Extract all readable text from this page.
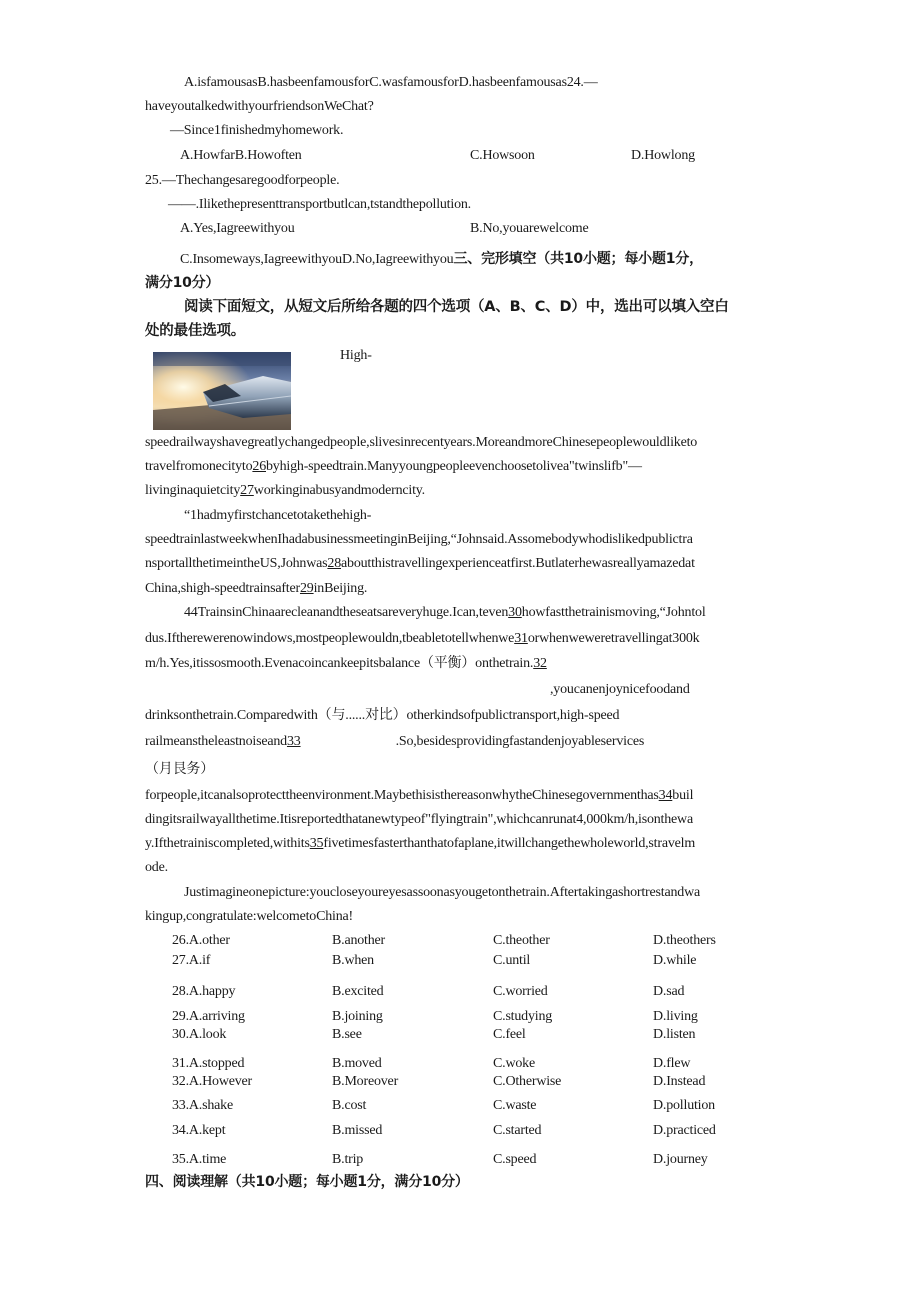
A.isfamousasB.hasbeenfamousforC.wasfamousforD.hasbeenfamousas24.—
haveyoutalkedwithyourfriendsonWeChat?
—Since1finishedmyhomework.
A.HowfarB.Howoften	C.Howsoon	D.Howlong
25.—Thechangesaregoodforpeople.
——.Ilikethepresenttransportbutlcan,tstandthepollution.
A.Yes,Iagreewithyou	B.No,youarewelcome
C.Insomeways,IagreewithyouD.No,Iagreewithyou三、完形填空（共10小题；每小题1分，
满分10分）
阅读下面短文，从短文后所给各题的四个选项（A、B、C、D）中，选出可以填入空白
处的最佳选项。
High-
speedrailwayshavegreatlychangedpeople,slivesinrecentyears.MoreandmoreChinesepeoplewouldliketo
travelfromonecityto26byhigh-speedtrain.Manyyoungpeopleevenchoosetolivea"twinslifb"—
livinginaquietcity27workinginabusyandmoderncity.
“1hadmyfirstchancetotakethehigh-
speedtrainlastweekwhenIhadabusinessmeetinginBeijing,“Johnsaid.Assomebodywhodislikedpublictra
nsportallthetimeintheUS,Johnwas28aboutthistravellingexperienceatfirst.Butlaterhewasreallyamazedat
China,shigh-speedtrainsafter29inBeijing.
44TrainsinChinaarecleanandtheseatsareveryhuge.Ican,teven30howfastthetrainismoving,“Johntol
dus.Iftherewerenowindows,mostpeoplewouldn,tbeabletotellwhenwe31orwhenweweretravellingat300k
m/h.Yes,itissosmooth.Evenacoincankeepitsbalance（平衡）onthetrain.32
,youcanenjoynicefoodand
drinksonthetrain.Comparedwith（与......对比）otherkindsofpublictransport,high-speed
railmeanstheleastnoiseand33	.So,besidesprovidingfastandenjoyableservices
（月艮务）
forpeople,itcanalsoprotecttheenvironment.MaybethisisthereasonwhytheChinesegovernmenthas34buil
dingitsrailwayallthetime.Itisreportedthatanewtypeof"flyingtrain",whichcanrunat4,000km/h,isonthewa
y.Ifthetrainiscompleted,withits35fivetimesfasterthanthatofaplane,itwillchangethewholeworld,stravelm
ode.
Justimagineonepicture:youcloseyoureyesassoonasyougetonthetrain.Aftertakingashortrestandwa
kingup,congratulate:welcometoChina!
26.A.other	B.another	C.theother	D.theothers
27.A.if	B.when	C.until	D.while
28.A.happy	B.excited	C.worried	D.sad
29.A.arriving	B.joining	C.studying	D.living
30.A.look	B.see	C.feel	D.listen
31.A.stopped	B.moved	C.woke	D.flew
32.A.However	B.Moreover	C.Otherwise	D.Instead
33.A.shake	B.cost	C.waste	D.pollution
34.A.kept	B.missed	C.started	D.practiced
35.A.time	B.trip	C.speed	D.journey
四、阅读理解（共10小题；每小题1分，满分10分）
